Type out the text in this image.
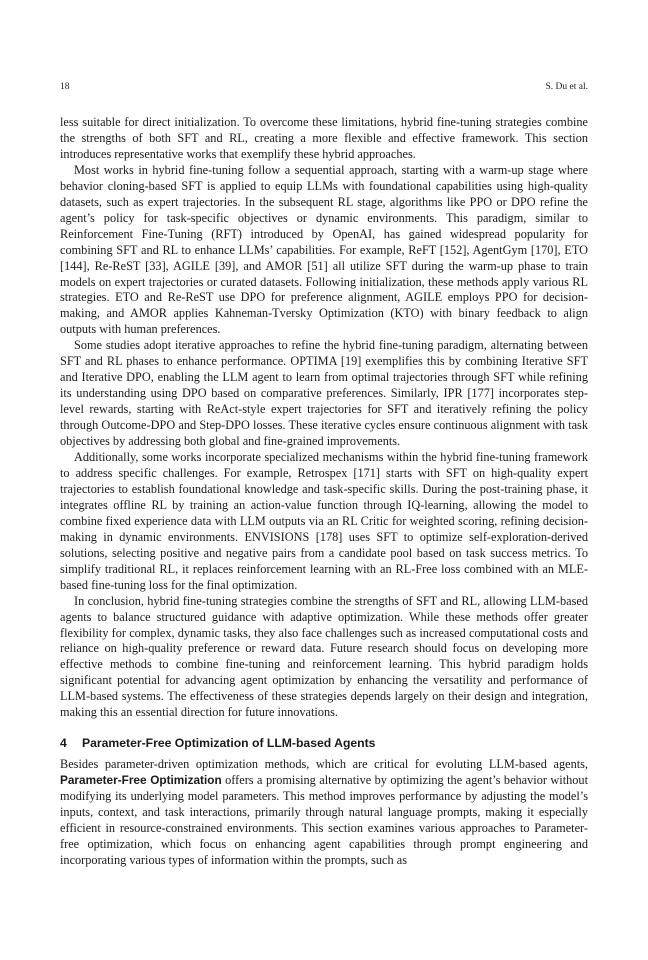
18	S. Du et al.

less suitable for direct initialization. To overcome these limitations, hybrid fine-tuning strategies combine the strengths of both SFT and RL, creating a more flexible and effective framework. This section introduces representative works that exemplify these hybrid approaches.

Most works in hybrid fine-tuning follow a sequential approach, starting with a warm-up stage where behavior cloning-based SFT is applied to equip LLMs with foundational capabilities using high-quality datasets, such as expert trajectories. In the subsequent RL stage, algorithms like PPO or DPO refine the agent’s policy for task-specific objectives or dynamic environments. This paradigm, similar to Reinforcement Fine-Tuning (RFT) introduced by OpenAI, has gained widespread popularity for combining SFT and RL to enhance LLMs’ capabilities. For example, ReFT [152], AgentGym [170], ETO [144], Re-ReST [33], AGILE [39], and AMOR [51] all utilize SFT during the warm-up phase to train models on expert trajectories or curated datasets. Following initialization, these methods apply various RL strategies. ETO and Re-ReST use DPO for preference alignment, AGILE employs PPO for decision-making, and AMOR applies Kahneman-Tversky Optimization (KTO) with binary feedback to align outputs with human preferences.

Some studies adopt iterative approaches to refine the hybrid fine-tuning paradigm, alternating between SFT and RL phases to enhance performance. OPTIMA [19] exemplifies this by combining Iterative SFT and Iterative DPO, enabling the LLM agent to learn from optimal trajectories through SFT while refining its understanding using DPO based on comparative preferences. Similarly, IPR [177] incorporates step-level rewards, starting with ReAct-style expert trajectories for SFT and iteratively refining the policy through Outcome-DPO and Step-DPO losses. These iterative cycles ensure continuous alignment with task objectives by addressing both global and fine-grained improvements.

Additionally, some works incorporate specialized mechanisms within the hybrid fine-tuning framework to address specific challenges. For example, Retrospex [171] starts with SFT on high-quality expert trajectories to establish foundational knowledge and task-specific skills. During the post-training phase, it integrates offline RL by training an action-value function through IQ-learning, allowing the model to combine fixed experience data with LLM outputs via an RL Critic for weighted scoring, refining decision-making in dynamic environments. ENVISIONS [178] uses SFT to optimize self-exploration-derived solutions, selecting positive and negative pairs from a candidate pool based on task success metrics. To simplify traditional RL, it replaces reinforcement learning with an RL-Free loss combined with an MLE-based fine-tuning loss for the final optimization.

In conclusion, hybrid fine-tuning strategies combine the strengths of SFT and RL, allowing LLM-based agents to balance structured guidance with adaptive optimization. While these methods offer greater flexibility for complex, dynamic tasks, they also face challenges such as increased computational costs and reliance on high-quality preference or reward data. Future research should focus on developing more effective methods to combine fine-tuning and reinforcement learning. This hybrid paradigm holds significant potential for advancing agent optimization by enhancing the versatility and performance of LLM-based systems. The effectiveness of these strategies depends largely on their design and integration, making this an essential direction for future innovations.

4 Parameter-Free Optimization of LLM-based Agents

Besides parameter-driven optimization methods, which are critical for evoluting LLM-based agents, Parameter-Free Optimization offers a promising alternative by optimizing the agent’s behavior without modifying its underlying model parameters. This method improves performance by adjusting the model’s inputs, context, and task interactions, primarily through natural language prompts, making it especially efficient in resource-constrained environments. This section examines various approaches to Parameter-free optimization, which focus on enhancing agent capabilities through prompt engineering and incorporating various types of information within the prompts, such as
